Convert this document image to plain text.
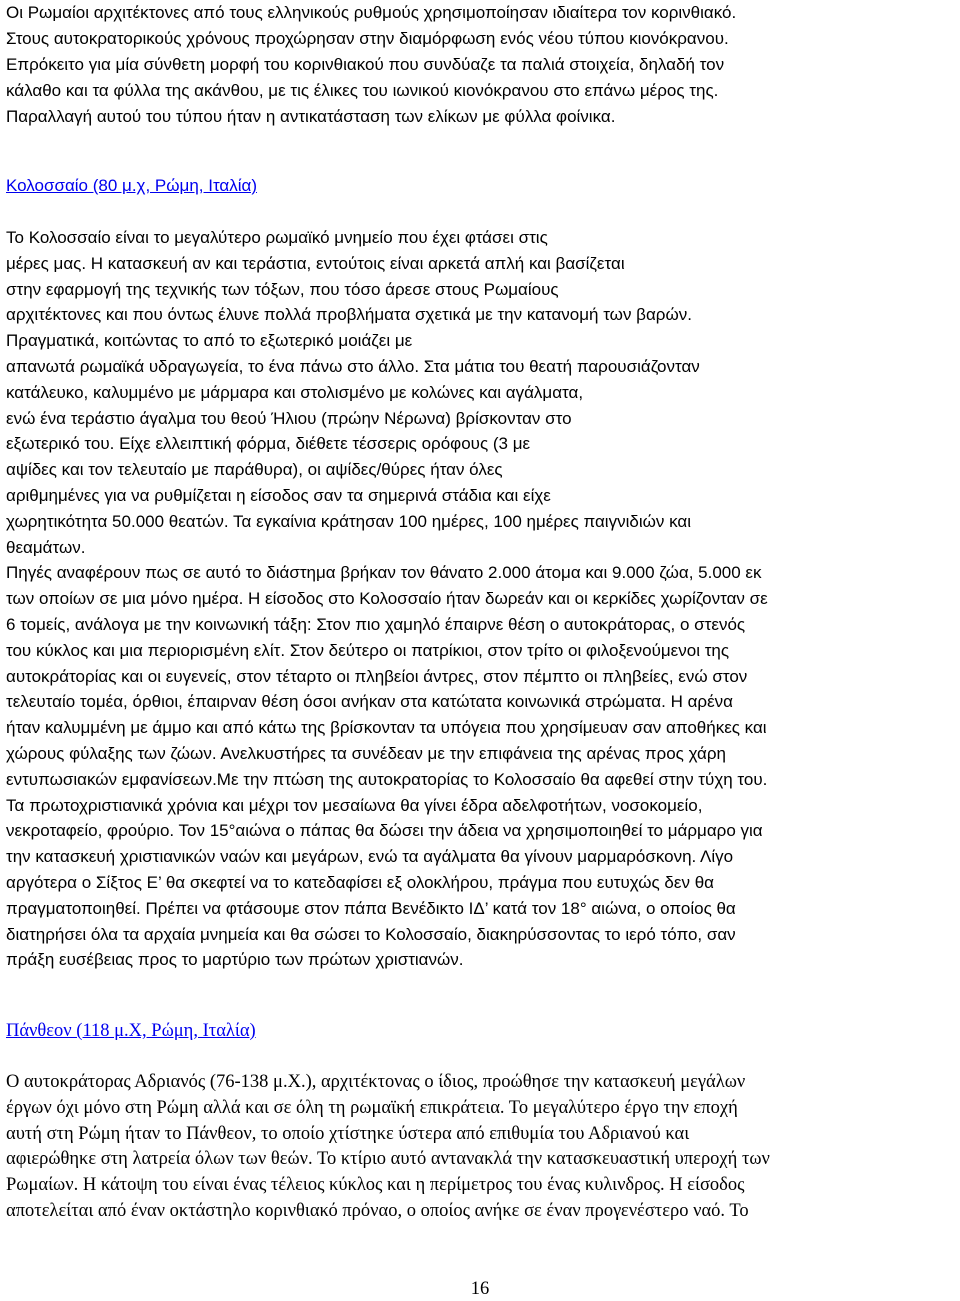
Οι Ρωμαίοι αρχιτέκτονες από τους ελληνικούς ρυθμούς χρησιμοποίησαν ιδιαίτερα τον κορινθιακό.
Στους αυτοκρατορικούς χρόνους προχώρησαν στην διαμόρφωση ενός νέου τύπου κιονόκρανου.
Επρόκειτο για μία σύνθετη μορφή του κορινθιακού που συνδύαζε τα παλιά στοιχεία, δηλαδή τον
κάλαθο και τα φύλλα της ακάνθου, με τις έλικες του ιωνικού κιονόκρανου στο επάνω μέρος της.
Παραλλαγή αυτού του τύπου ήταν η αντικατάσταση των ελίκων με φύλλα φοίνικα.
Κολοσσαίο (80 μ.χ, Ρώμη, Ιταλία)
Το Κολοσσαίο είναι το μεγαλύτερο ρωμαϊκό μνημείο που έχει φτάσει στις
μέρες μας. Η κατασκευή αν και τεράστια, εντούτοις είναι αρκετά απλή και βασίζεται
στην εφαρμογή της τεχνικής των τόξων, που τόσο άρεσε στους Ρωμαίους
αρχιτέκτονες και που όντως έλυνε πολλά προβλήματα σχετικά με την κατανομή των βαρών.
Πραγματικά, κοιτώντας το από το εξωτερικό μοιάζει με
απανωτά ρωμαϊκά υδραγωγεία, το ένα πάνω στο άλλο. Στα μάτια του θεατή παρουσιάζονταν
κατάλευκο, καλυμμένο με μάρμαρα και στολισμένο με κολώνες και αγάλματα,
ενώ ένα τεράστιο άγαλμα του θεού Ήλιου (πρώην Νέρωνα) βρίσκονταν στο
εξωτερικό του. Είχε ελλειπτική φόρμα, διέθετε τέσσερις ορόφους (3 με
αψίδες και τον τελευταίο με παράθυρα), οι αψίδες/θύρες ήταν όλες
αριθμημένες για να ρυθμίζεται η είσοδος σαν τα σημερινά στάδια και είχε
χωρητικότητα 50.000 θεατών. Τα εγκαίνια κράτησαν 100 ημέρες, 100 ημέρες παιγνιδιών και
θεαμάτων.
Πηγές αναφέρουν πως σε αυτό το διάστημα βρήκαν τον θάνατο 2.000 άτομα και 9.000 ζώα, 5.000 εκ
των οποίων σε μια μόνο ημέρα. Η είσοδος στο Κολοσσαίο ήταν δωρεάν και οι κερκίδες χωρίζονταν σε
6 τομείς, ανάλογα με την κοινωνική τάξη: Στον πιο χαμηλό έπαιρνε θέση ο αυτοκράτορας, ο στενός
του κύκλος και μια περιορισμένη ελίτ. Στον δεύτερο οι πατρίκιοι, στον τρίτο οι φιλοξενούμενοι της
αυτοκράτορίας και οι ευγενείς, στον τέταρτο οι πληβείοι άντρες, στον πέμπτο οι πληβείες, ενώ στον
τελευταίο τομέα, όρθιοι, έπαιρναν θέση όσοι ανήκαν στα κατώτατα κοινωνικά στρώματα. Η αρένα
ήταν καλυμμένη με άμμο και από κάτω της βρίσκονταν τα υπόγεια που χρησίμευαν σαν αποθήκες και
χώρους φύλαξης των ζώων. Ανελκυστήρες τα συνέδεαν με την επιφάνεια της αρένας προς χάρη
εντυπωσιακών εμφανίσεων.Με την πτώση της αυτοκρατορίας το Κολοσσαίο θα αφεθεί στην τύχη του.
Τα πρωτοχριστιανικά χρόνια και μέχρι τον μεσαίωνα θα γίνει έδρα αδελφοτήτων, νοσοκομείο,
νεκροταφείο, φρούριο. Τον 15°αιώνα ο πάπας θα δώσει την άδεια να χρησιμοποιηθεί το μάρμαρο για
την κατασκευή χριστιανικών ναών και μεγάρων, ενώ τα αγάλματα θα γίνουν μαρμαρόσκονη. Λίγο
αργότερα ο Σίξτος Ε’ θα σκεφτεί να το κατεδαφίσει εξ ολοκλήρου, πράγμα που ευτυχώς δεν θα
πραγματοποιηθεί. Πρέπει να φτάσουμε στον πάπα Βενέδικτο ΙΔ’ κατά τον 18° αιώνα, ο οποίος θα
διατηρήσει όλα τα αρχαία μνημεία και θα σώσει το Κολοσσαίο, διακηρύσσοντας το ιερό τόπο, σαν
πράξη ευσέβειας προς το μαρτύριο των πρώτων χριστιανών.
Πάνθεον (118 μ.Χ, Ρώμη, Ιταλία)
Ο αυτοκράτορας Αδριανός (76-138 μ.Χ.), αρχιτέκτονας ο ίδιος, προώθησε την κατασκευή μεγάλων
έργων όχι μόνο στη Ρώμη αλλά και σε όλη τη ρωμαϊκή επικράτεια. Το μεγαλύτερο έργο την εποχή
αυτή στη Ρώμη ήταν το Πάνθεον, το οποίο χτίστηκε ύστερα από επιθυμία του Αδριανού και
αφιερώθηκε στη λατρεία όλων των θεών. Το κτίριο αυτό αντανακλά την κατασκευαστική υπεροχή των
Ρωμαίων. Η κάτοψη του είναι ένας τέλειος κύκλος και η περίμετρος του ένας κυλινδρος. Η είσοδος
αποτελείται από έναν οκτάστηλο κορινθιακό πρόναο, ο οποίος ανήκε σε έναν προγενέστερο ναό. Το
16
